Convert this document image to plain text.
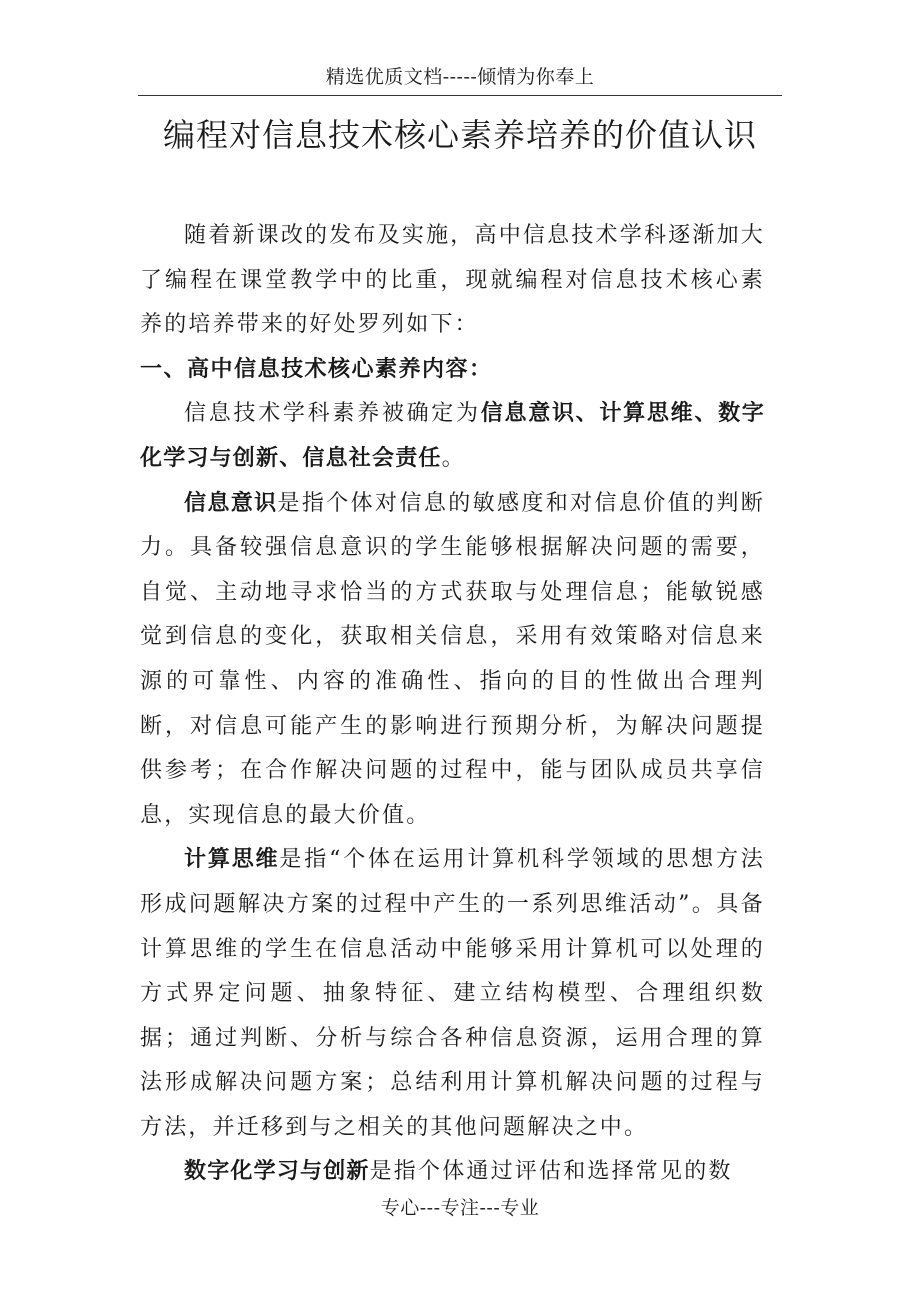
精选优质文档-----倾情为你奉上
编程对信息技术核心素养培养的价值认识

随着新课改的发布及实施，高中信息技术学科逐渐加大了编程在课堂教学中的比重，现就编程对信息技术核心素养的培养带来的好处罗列如下：

一、高中信息技术核心素养内容：

信息技术学科素养被确定为信息意识、计算思维、数字化学习与创新、信息社会责任。

信息意识是指个体对信息的敏感度和对信息价值的判断力。具备较强信息意识的学生能够根据解决问题的需要，自觉、主动地寻求恰当的方式获取与处理信息；能敏锐感觉到信息的变化，获取相关信息，采用有效策略对信息来源的可靠性、内容的准确性、指向的目的性做出合理判断，对信息可能产生的影响进行预期分析，为解决问题提供参考；在合作解决问题的过程中，能与团队成员共享信息，实现信息的最大价值。

计算思维是指“个体在运用计算机科学领域的思想方法形成问题解决方案的过程中产生的一系列思维活动”。具备计算思维的学生在信息活动中能够采用计算机可以处理的方式界定问题、抽象特征、建立结构模型、合理组织数据；通过判断、分析与综合各种信息资源，运用合理的算法形成解决问题方案；总结利用计算机解决问题的过程与方法，并迁移到与之相关的其他问题解决之中。

数字化学习与创新是指个体通过评估和选择常见的数

专心---专注---专业
